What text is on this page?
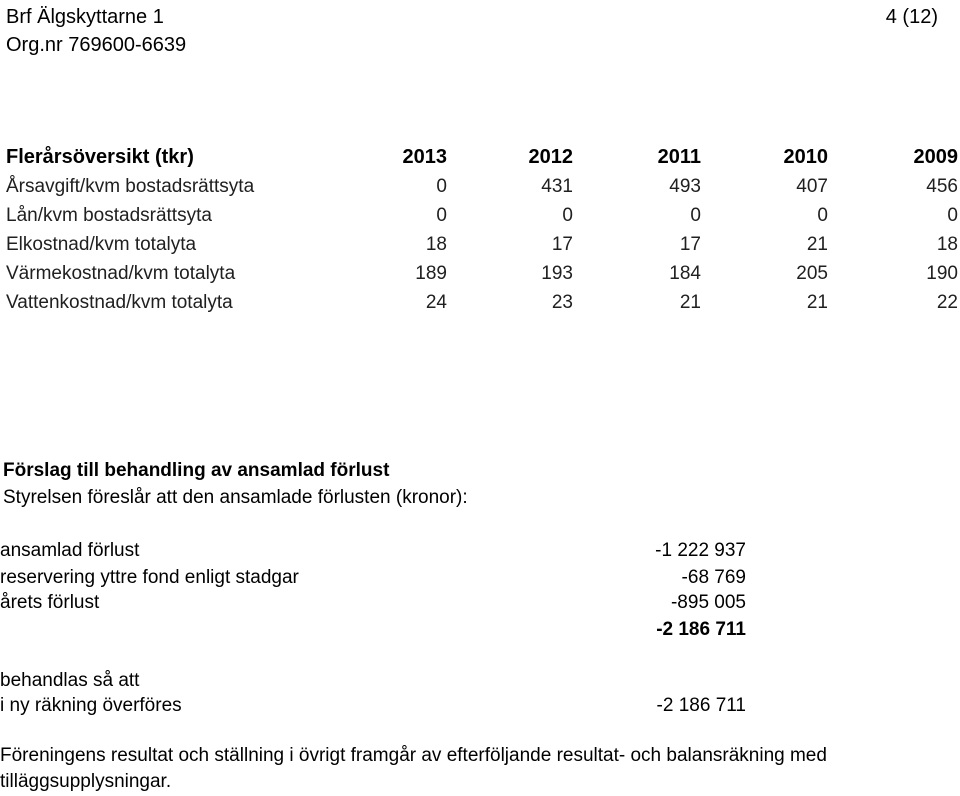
Brf Älgskyttarne 1
Org.nr 769600-6639
4 (12)
Flerårsöversikt (tkr)	2013	2012	2011	2010	2009
Årsavgift/kvm bostadsrättsyta	0	431	493	407	456
Lån/kvm bostadsrättsyta	0	0	0	0	0
Elkostnad/kvm totalyta	18	17	17	21	18
Värmekostnad/kvm totalyta	189	193	184	205	190
Vattenkostnad/kvm totalyta	24	23	21	21	22
Förslag till behandling av ansamlad förlust
Styrelsen föreslår att den ansamlade förlusten (kronor):
ansamlad förlust	-1 222 937
reservering yttre fond enligt stadgar	-68 769
årets förlust	-895 005
-2 186 711
behandlas så att
i ny räkning överföres	-2 186 711
Föreningens resultat och ställning i övrigt framgår av efterföljande resultat- och balansräkning med tilläggsupplysningar.
